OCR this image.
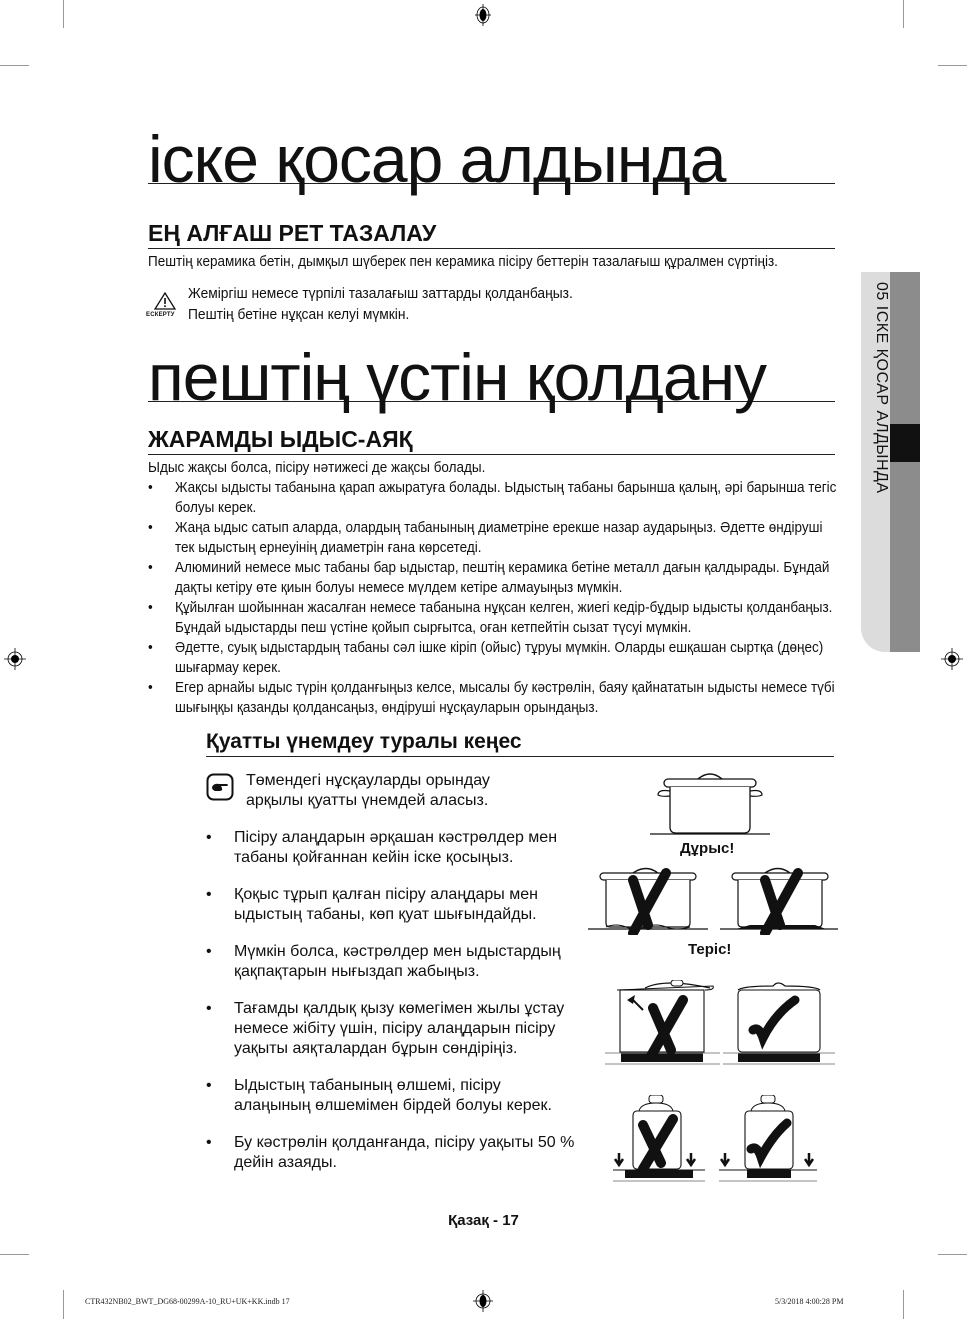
іске қосар алдында
ЕҢ АЛҒАШ РЕТ ТАЗАЛАУ

Пештің керамика бетін, дымқыл шүберек пен керамика пісіру беттерін тазалағыш құралмен сүртіңіз.

ЕСКЕРТУ

Жеміргіш немесе түрпілі тазалағыш заттарды қолданбаңыз.

Пештің бетіне нұқсан келуі мүмкін.

пештің үстін қолдану
ЖАРАМДЫ ЫДЫС-АЯҚ

Ыдыс жақсы болса, пісіру нәтижесі де жақсы болады.

• Жақсы ыдысты табанына қарап ажыратуға болады. Ыдыстың табаны барынша қалың, әрі барынша тегіс болуы керек.
• Жаңа ыдыс сатып аларда, олардың табанының диаметріне ерекше назар аударыңыз. Әдетте өндіруші тек ыдыстың ернеуінің диаметрін ғана көрсетеді.
• Алюминий немесе мыс табаны бар ыдыстар, пештің керамика бетіне металл дағын қалдырады. Бұндай дақты кетіру өте қиын болуы немесе мүлдем кетіре алмауыңыз мүмкін.
• Құйылған шойыннан жасалған немесе табанына нұқсан келген, жиегі кедір-бұдыр ыдысты қолданбаңыз. Бұндай ыдыстарды пеш үстіне қойып сырғытса, оған кетпейтін сызат түсуі мүмкін.
• Әдетте, суық ыдыстардың табаны сәл ішке кіріп (ойыс) тұруы мүмкін. Оларды ешқашан сыртқа (дөңес) шығармау керек.
• Егер арнайы ыдыс түрін қолданғыңыз келсе, мысалы бу кәстрөлін, баяу қайнататын ыдысты немесе түбі шығыңқы қазанды қолдансаңыз, өндіруші нұсқауларын орындаңыз.
Қуатты үнемдеу туралы кеңес

Төмендегі нұсқауларды орындау арқылы қуатты үнемдей аласыз.

• Пісіру алаңдарын әрқашан кәстрөлдер мен табаны қойғаннан кейін іске қосыңыз.
• Қоқыс тұрып қалған пісіру алаңдары мен ыдыстың табаны, көп қуат шығындайды.
• Мүмкін болса, кәстрөлдер мен ыдыстардың қақпақтарын нығыздап жабыңыз.
• Тағамды қалдық қызу көмегімен жылы ұстау немесе жібіту үшін, пісіру алаңдарын пісіру уақыты аяқталардан бұрын сөндіріңіз.
• Ыдыстың табанының өлшемі, пісіру алаңының өлшемімен бірдей болуы керек.
• Бу кәстрөлін қолданғанда, пісіру уақыты 50 % дейін азаяды.
Дұрыс!
Теріс!
05 ІСКЕ ҚОСАР АЛДЫНДА
Қазақ - 17
CTR432NB02_BWT_DG68-00299A-10_RU+UK+KK.indb 17	5/3/2018 4:00:28 PM
